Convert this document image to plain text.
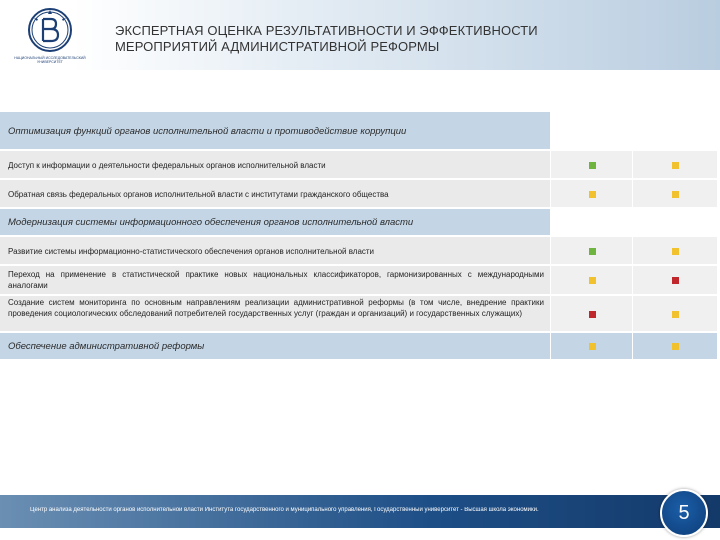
НАЦИОНАЛЬНЫЙ ИССЛЕДОВАТЕЛЬСКИЙ
УНИВЕРСИТЕТ
ЭКСПЕРТНАЯ ОЦЕНКА РЕЗУЛЬТАТИВНОСТИ И ЭФФЕКТИВНОСТИ
МЕРОПРИЯТИЙ АДМИНИСТРАТИВНОЙ РЕФОРМЫ
Оптимизация функций органов исполнительной власти и противодействие коррупции
Доступ к информации о деятельности федеральных органов исполнительной власти
Обратная связь федеральных органов исполнительной власти с институтами гражданского общества
Модернизация системы информационного обеспечения органов исполнительной власти
Развитие системы информационно-статистического обеспечения органов исполнительной власти
Переход на применение в статистической практике новых национальных классификаторов, гармонизированных с международными аналогами
Создание систем мониторинга по основным направлениям реализации административной реформы (в том числе, внедрение практики проведения социологических обследований потребителей государственных услуг (граждан и организаций) и государственных служащих)
Обеспечение административной реформы
Центр анализа деятельности органов исполнительной власти Института государственного и муниципального управления, Государственный университет - Высшая школа экономики.	5
